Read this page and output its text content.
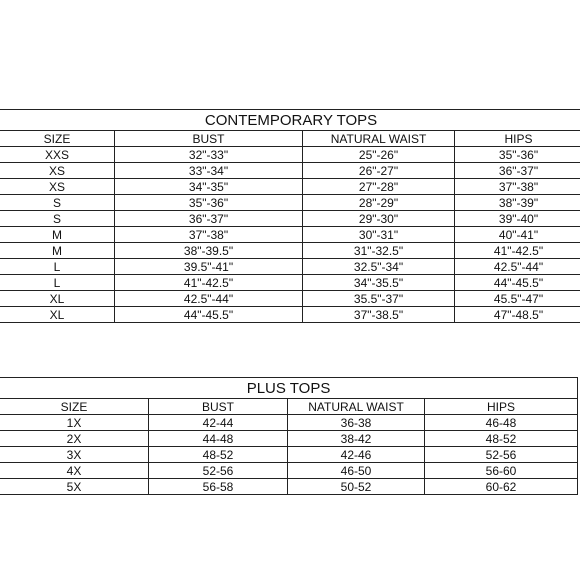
CONTEMPORARY TOPS			
SIZE	BUST	NATURAL WAIST	HIPS
XXS	32"-33"	25"-26"	35"-36"
XS	33"-34"	26"-27"	36"-37"
XS	34"-35"	27"-28"	37"-38"
S	35"-36"	28"-29"	38"-39"
S	36"-37"	29"-30"	39"-40"
M	37"-38"	30"-31"	40"-41"
M	38"-39.5"	31"-32.5"	41"-42.5"
L	39.5"-41"	32.5"-34"	42.5"-44"
L	41"-42.5"	34"-35.5"	44"-45.5"
XL	42.5"-44"	35.5"-37"	45.5"-47"
XL	44"-45.5"	37"-38.5"	47"-48.5"
PLUS TOPS			
SIZE	BUST	NATURAL WAIST	HIPS
1X	42-44	36-38	46-48
2X	44-48	38-42	48-52
3X	48-52	42-46	52-56
4X	52-56	46-50	56-60
5X	56-58	50-52	60-62
